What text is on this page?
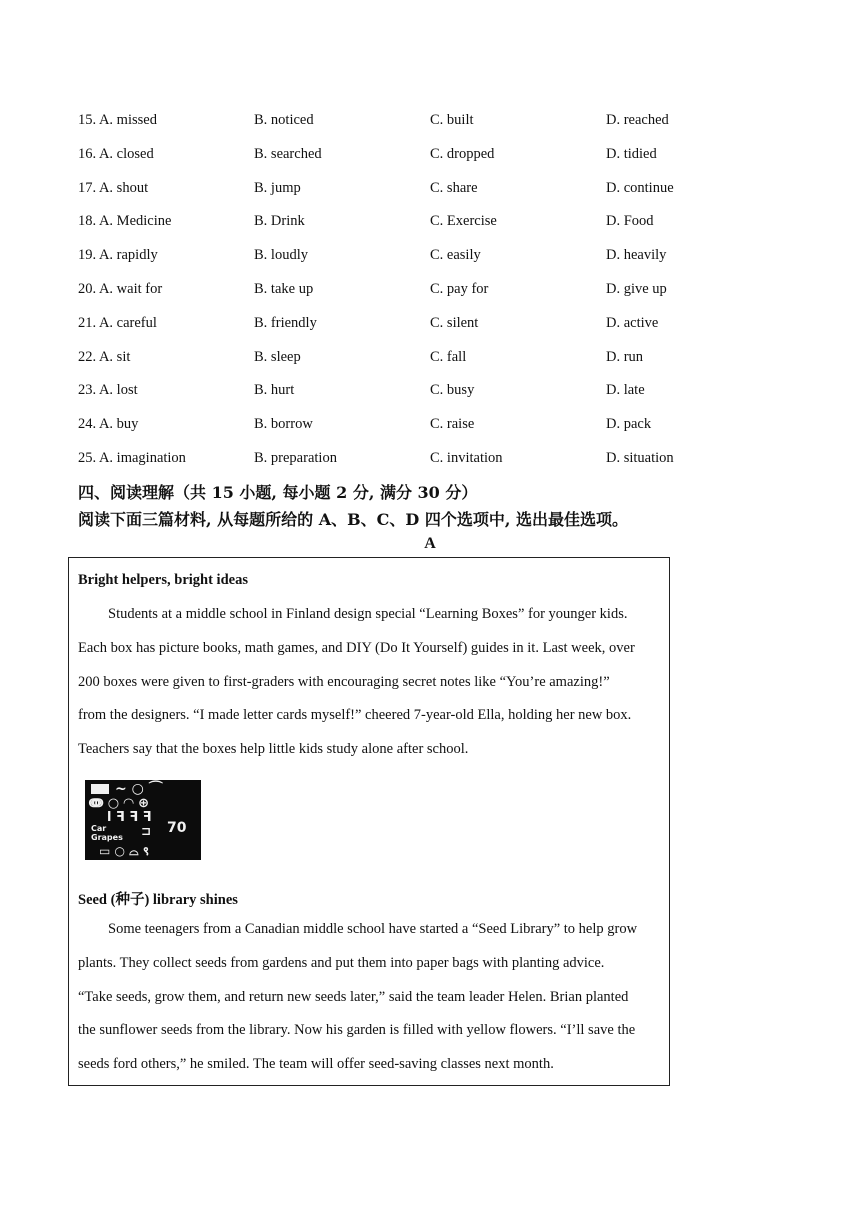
15. A. missed	B. noticed	C. built	D. reached
16. A. closed	B. searched	C. dropped	D. tidied
17. A. shout	B. jump	C. share	D. continue
18. A. Medicine	B. Drink	C. Exercise	D. Food
19. A. rapidly	B. loudly	C. easily	D. heavily
20. A. wait for	B. take up	C. pay for	D. give up
21. A. careful	B. friendly	C. silent	D. active
22. A. sit	B. sleep	C. fall	D. run
23. A. lost	B. hurt	C. busy	D. late
24. A. buy	B. borrow	C. raise	D. pack
25. A. imagination	B. preparation	C. invitation	D. situation
四、阅读理解（共 15 小题, 每小题 2 分, 满分 30 分）
阅读下面三篇材料, 从每题所给的 A、B、C、D 四个选项中, 选出最佳选项。
A
Bright helpers, bright ideas
Students at a middle school in Finland design special “Learning Boxes” for younger kids.
Each box has picture books, math games, and DIY (Do It Yourself) guides in it. Last week, over
200 boxes were given to first-graders with encouraging secret notes like “You’re amazing!”
from the designers. “I made letter cards myself!” cheered 7-year-old Ella, holding her new box.
Teachers say that the boxes help little kids study alone after school.
~ ○ ⌒
ↈ ○ ◠ ⊕
ا ꟻ ꟻ ꟻ
Car
Grapes ⊐ 70
▭ ○ ⌓ ९
Seed (种子) library shines
Some teenagers from a Canadian middle school have started a “Seed Library” to help grow
plants. They collect seeds from gardens and put them into paper bags with planting advice.
“Take seeds, grow them, and return new seeds later,” said the team leader Helen. Brian planted
the sunflower seeds from the library. Now his garden is filled with yellow flowers. “I’ll save the
seeds ford others,” he smiled. The team will offer seed-saving classes next month.
